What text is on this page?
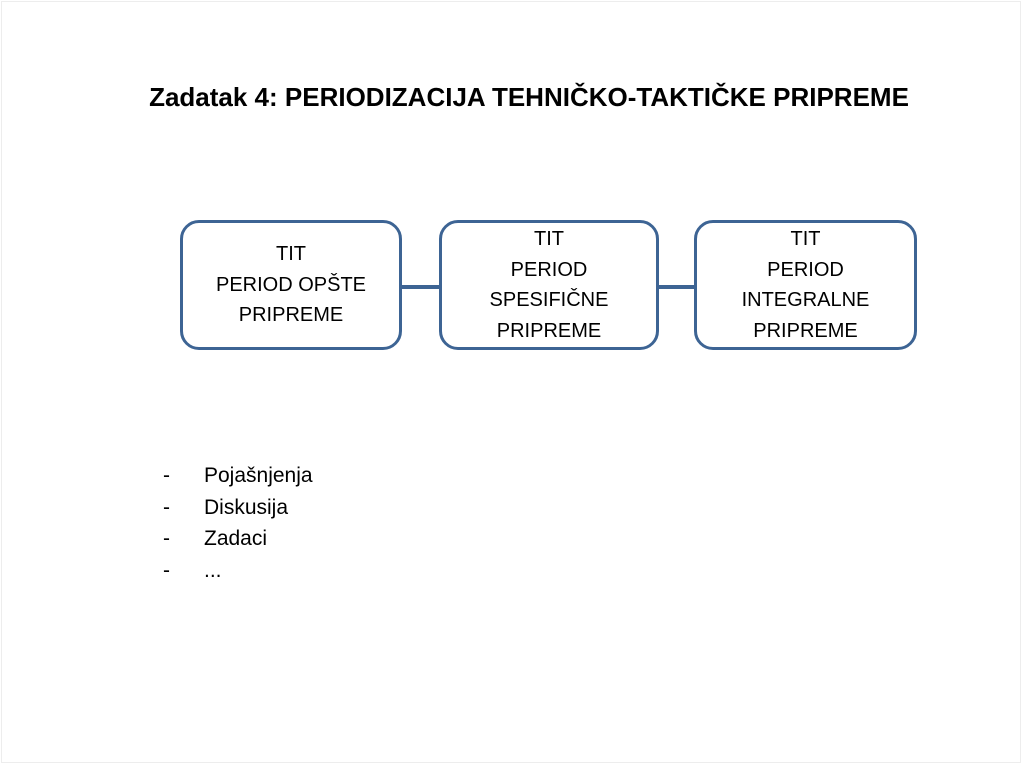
Zadatak 4: PERIODIZACIJA TEHNIČKO-TAKTIČKE PRIPREME
TIT
PERIOD OPŠTE
PRIPREME
TIT
PERIOD
SPESIFIČNE
PRIPREME
TIT
PERIOD
INTEGRALNE
PRIPREME
-	Pojašnjenja
-	Diskusija
-	Zadaci
-	...
